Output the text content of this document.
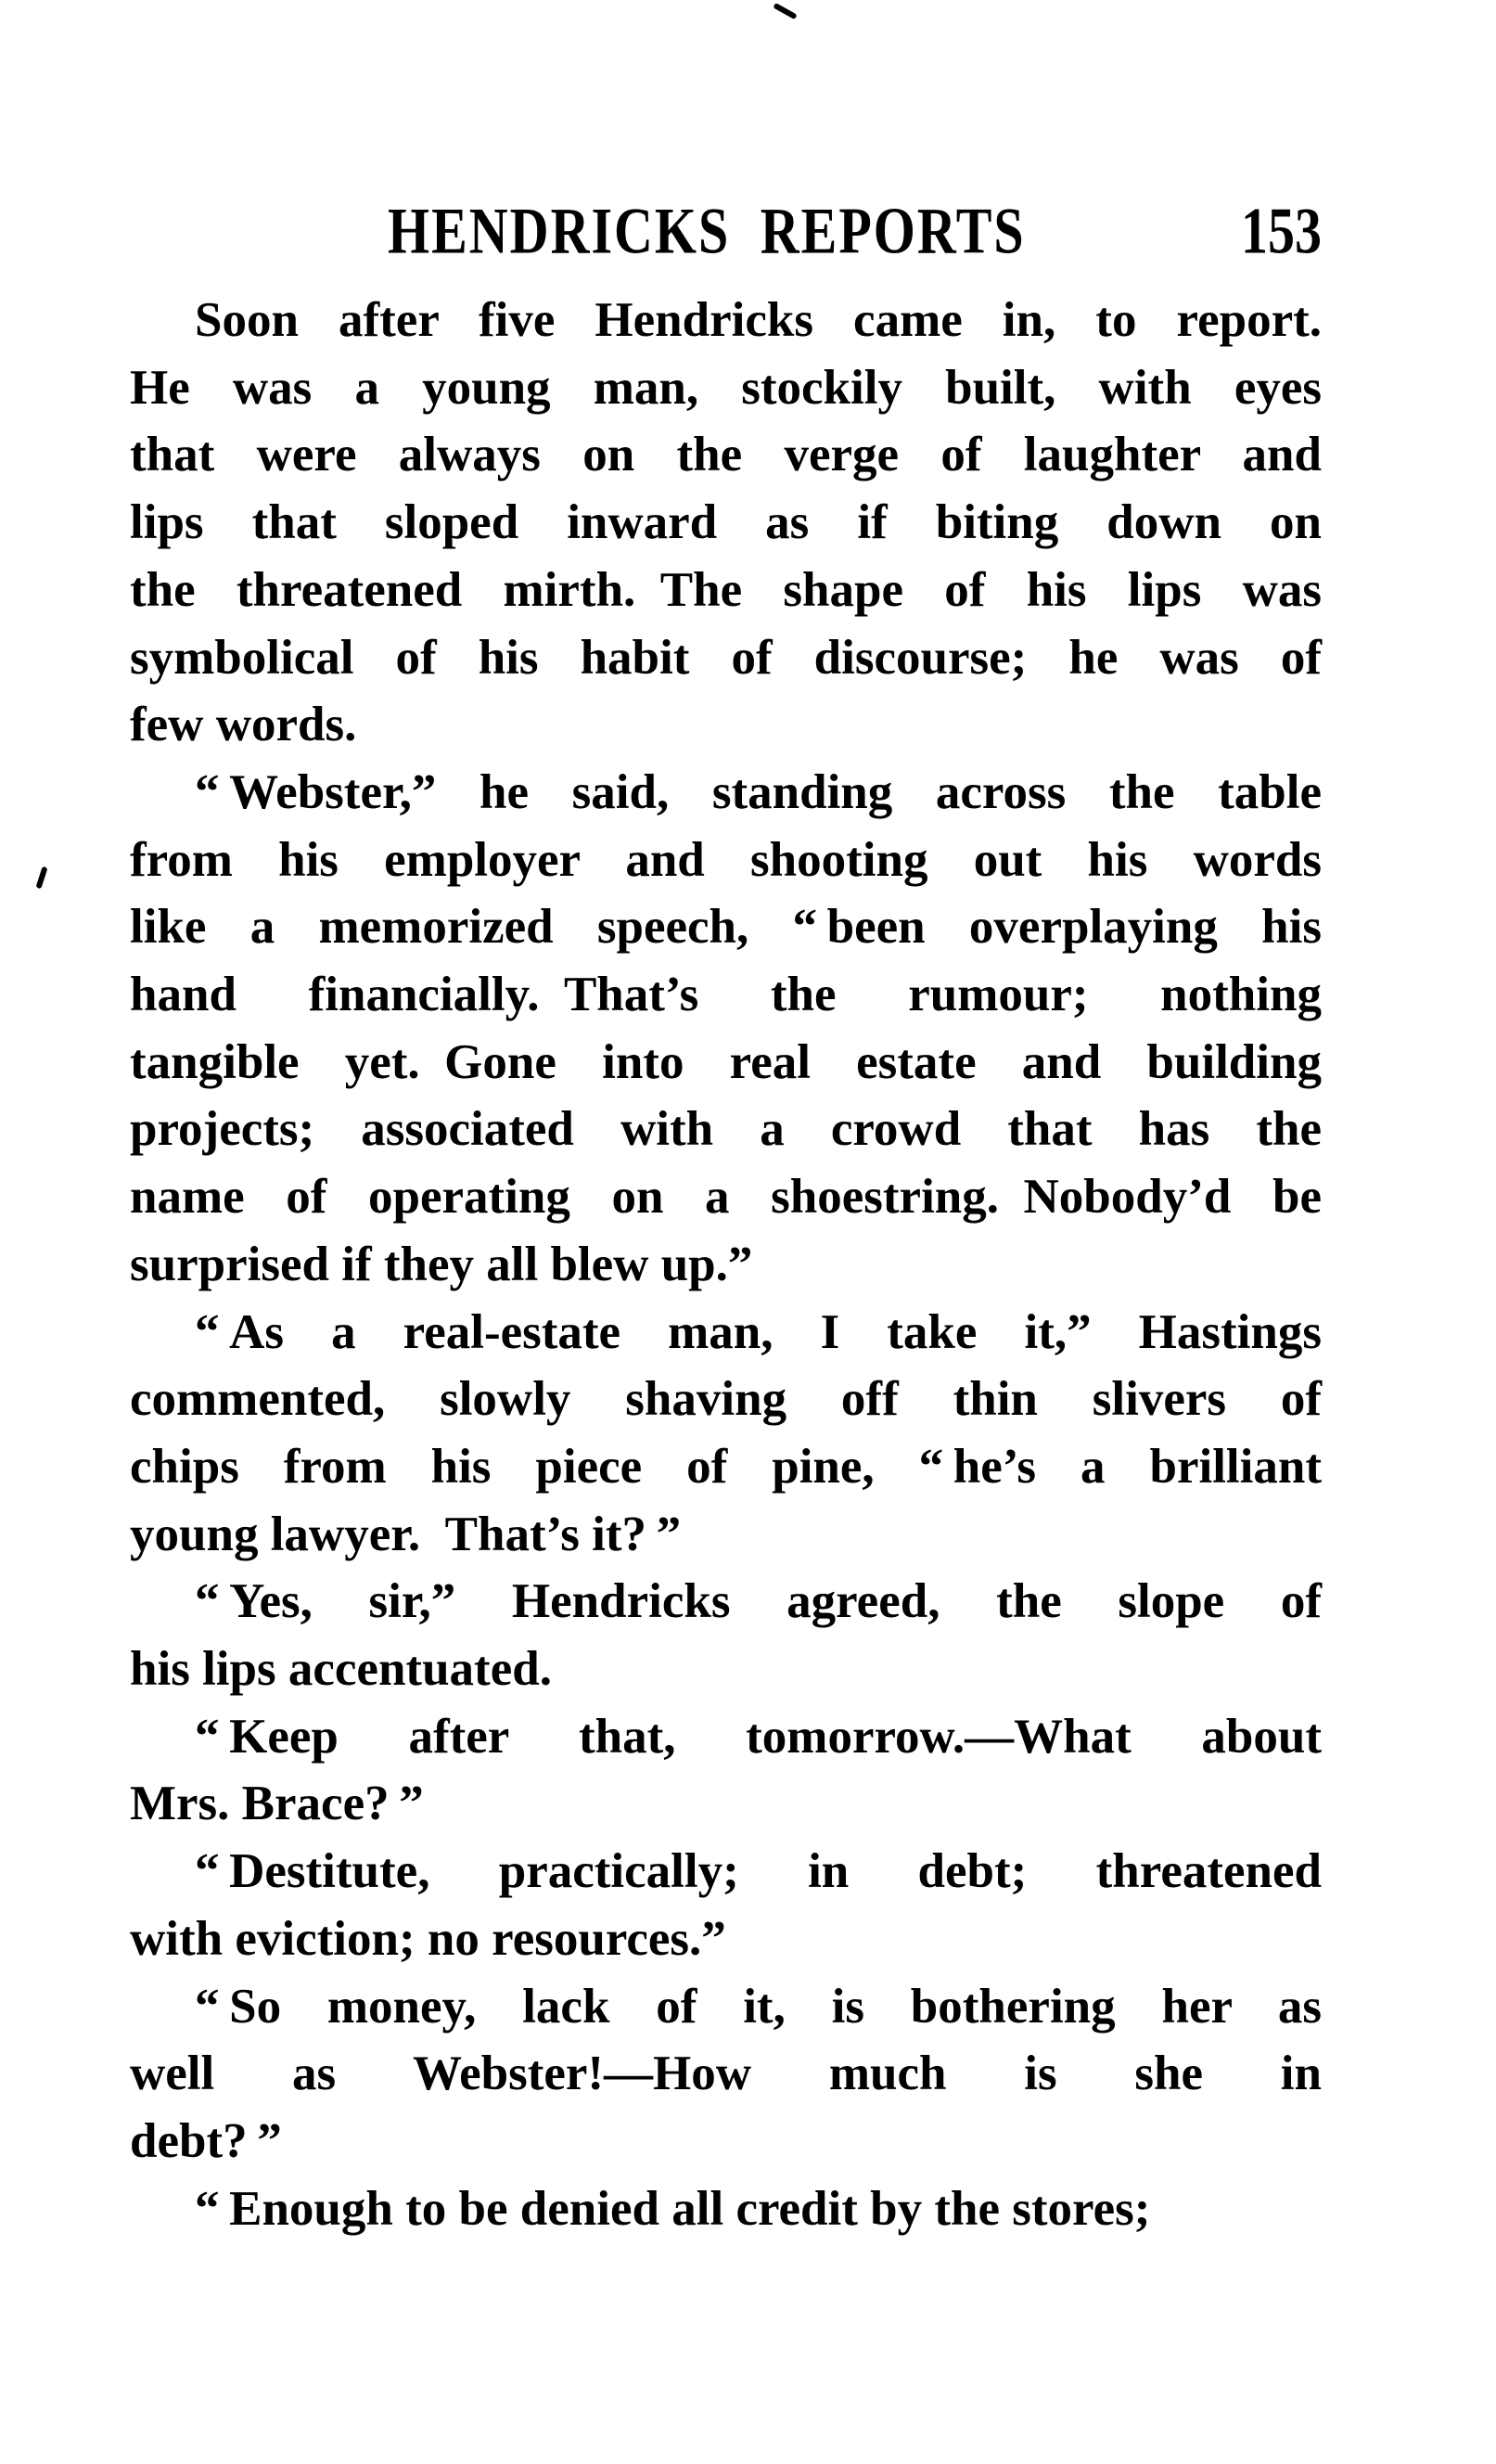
HENDRICKS REPORTS	153
Soon after five Hendricks came in, to report.
He was a young man, stockily built, with eyes
that were always on the verge of laughter and
lips that sloped inward as if biting down on
the threatened mirth. The shape of his lips was
symbolical of his habit of discourse; he was of
few words.
“ Webster,” he said, standing across the table
from his employer and shooting out his words
like a memorized speech, “ been overplaying his
hand financially. That’s the rumour; nothing
tangible yet. Gone into real estate and building
projects; associated with a crowd that has the
name of operating on a shoestring. Nobody’d be
surprised if they all blew up.”
“ As a real-estate man, I take it,” Hastings
commented, slowly shaving off thin slivers of
chips from his piece of pine, “ he’s a brilliant
young lawyer. That’s it? ”
“ Yes, sir,” Hendricks agreed, the slope of
his lips accentuated.
“ Keep after that, tomorrow.—What about
Mrs. Brace? ”
“ Destitute, practically; in debt; threatened
with eviction; no resources.”
“ So money, lack of it, is bothering her as
well as Webster!—How much is she in
debt? ”
“ Enough to be denied all credit by the stores;
